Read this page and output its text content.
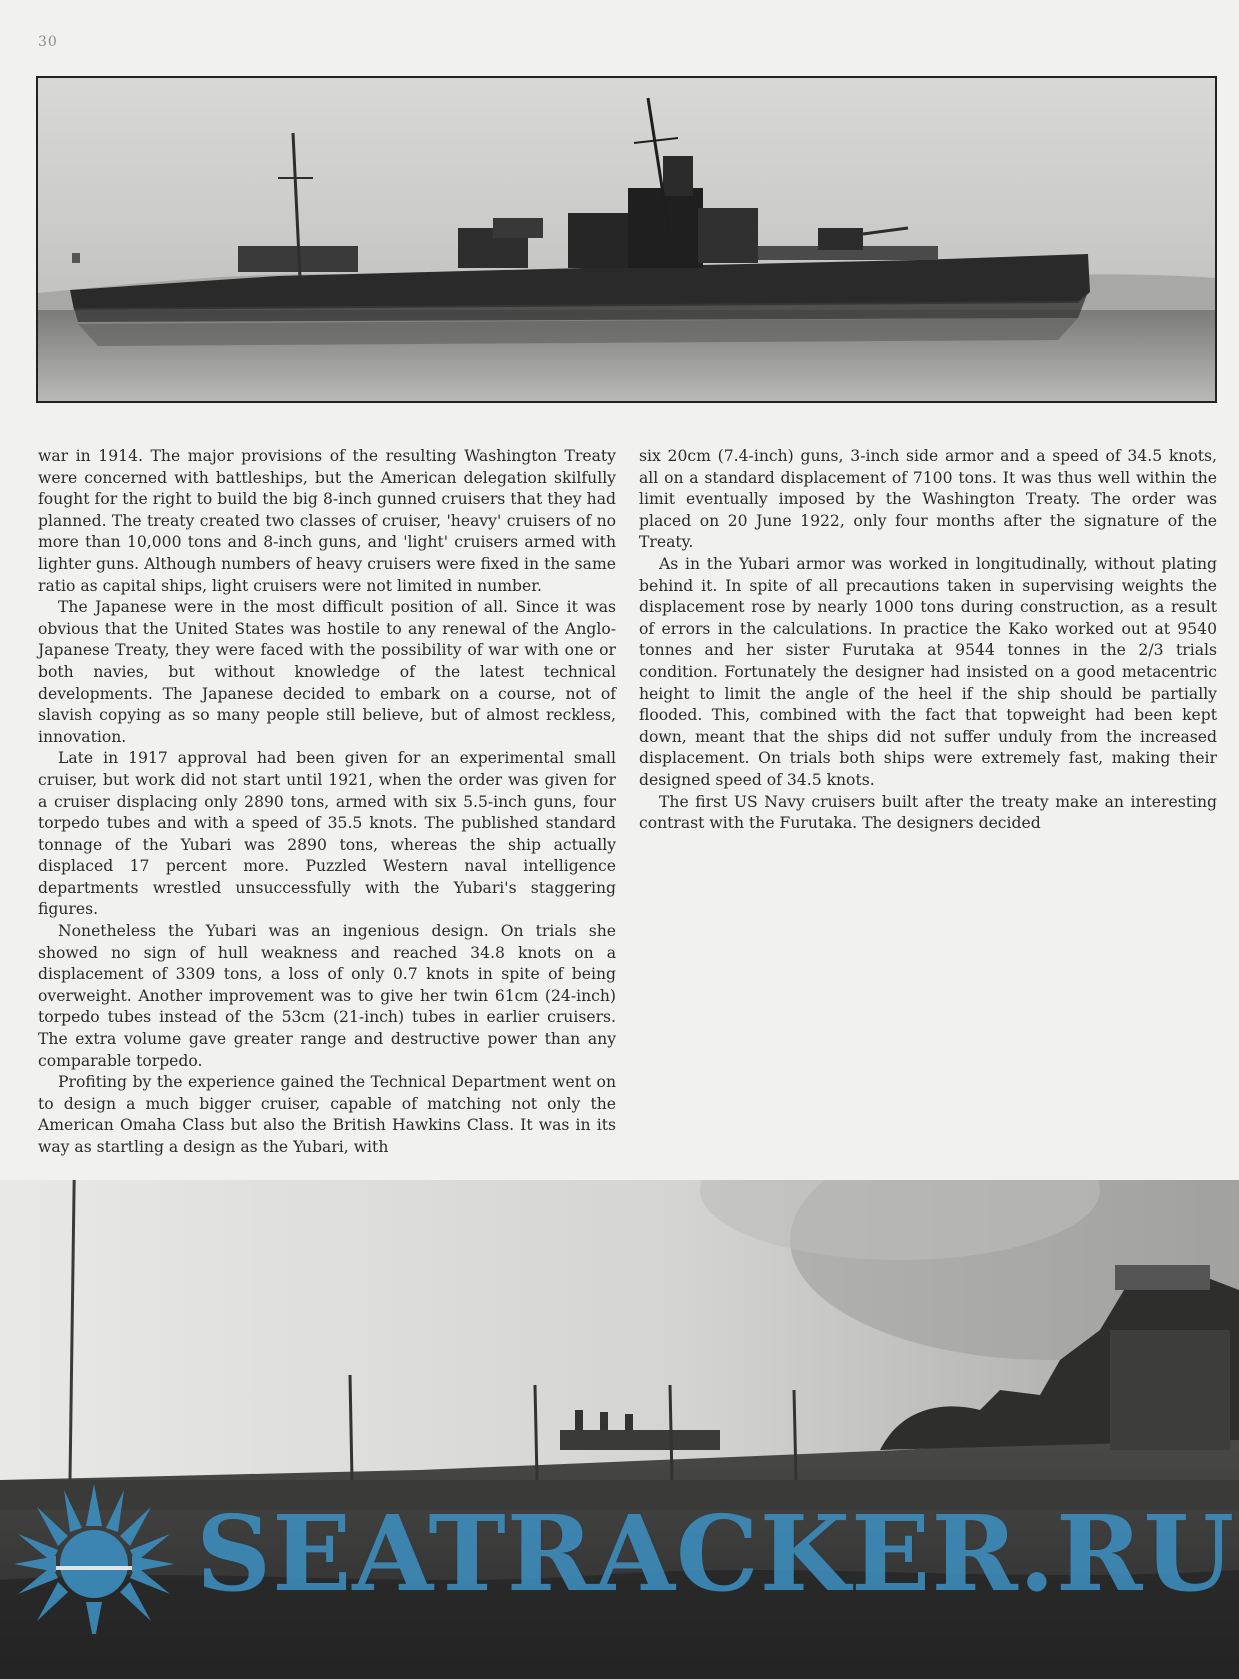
30

war in 1914. The major provisions of the resulting Washington Treaty were concerned with battleships, but the American delegation skilfully fought for the right to build the big 8-inch gunned cruisers that they had planned. The treaty created two classes of cruiser, 'heavy' cruisers of no more than 10,000 tons and 8-inch guns, and 'light' cruisers armed with lighter guns. Although numbers of heavy cruisers were fixed in the same ratio as capital ships, light cruisers were not limited in number.

The Japanese were in the most difficult position of all. Since it was obvious that the United States was hostile to any renewal of the Anglo-Japanese Treaty, they were faced with the possibility of war with one or both navies, but without knowledge of the latest technical developments. The Japanese decided to embark on a course, not of slavish copying as so many people still believe, but of almost reckless, innovation.

Late in 1917 approval had been given for an experimental small cruiser, but work did not start until 1921, when the order was given for a cruiser displacing only 2890 tons, armed with six 5.5-inch guns, four torpedo tubes and with a speed of 35.5 knots. The published standard tonnage of the Yubari was 2890 tons, whereas the ship actually displaced 17 percent more. Puzzled Western naval intelligence departments wrestled unsuccessfully with the Yubari's staggering figures.

Nonetheless the Yubari was an ingenious design. On trials she showed no sign of hull weakness and reached 34.8 knots on a displacement of 3309 tons, a loss of only 0.7 knots in spite of being overweight. Another improvement was to give her twin 61cm (24-inch) torpedo tubes instead of the 53cm (21-inch) tubes in earlier cruisers. The extra volume gave greater range and destructive power than any comparable torpedo.

Profiting by the experience gained the Technical Department went on to design a much bigger cruiser, capable of matching not only the American Omaha Class but also the British Hawkins Class. It was in its way as startling a design as the Yubari, with

six 20cm (7.4-inch) guns, 3-inch side armor and a speed of 34.5 knots, all on a standard displacement of 7100 tons. It was thus well within the limit eventually imposed by the Washington Treaty. The order was placed on 20 June 1922, only four months after the signature of the Treaty.

As in the Yubari armor was worked in longitudinally, without plating behind it. In spite of all precautions taken in supervising weights the displacement rose by nearly 1000 tons during construction, as a result of errors in the calculations. In practice the Kako worked out at 9540 tonnes and her sister Furutaka at 9544 tonnes in the 2/3 trials condition. Fortunately the designer had insisted on a good metacentric height to limit the angle of the heel if the ship should be partially flooded. This, combined with the fact that topweight had been kept down, meant that the ships did not suffer unduly from the increased displacement. On trials both ships were extremely fast, making their designed speed of 34.5 knots.

The first US Navy cruisers built after the treaty make an interesting contrast with the Furutaka. The designers decided

SEATRACKER.RU
